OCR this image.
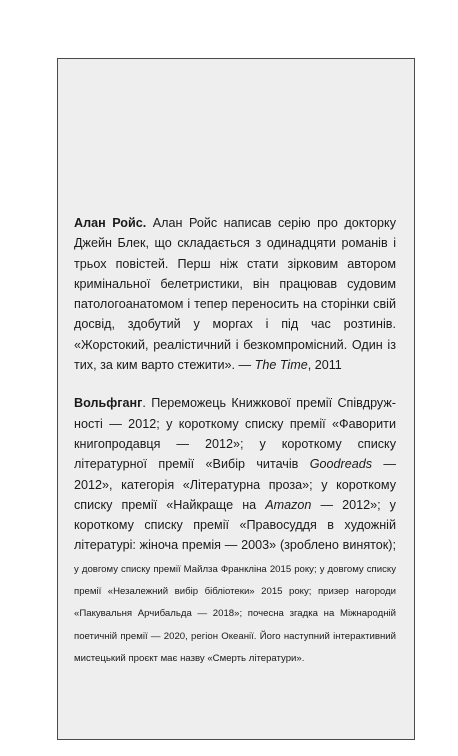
Алан Ройс. Алан Ройс написав серію про докторку Джейн Блек, що складається з одинадцяти романів і трьох повістей. Перш ніж стати зірковим автором кримінальної белетристики, він працював судовим патологоанатомом і тепер переносить на сторінки свій досвід, здобутий у моргах і під час розтинів. «Жорстокий, реалістичний і безкомпромісний. Один із тих, за ким варто стежити». — The Time, 2011

Вольфганг. Переможець Книжкової премії Співдружності — 2012; у короткому списку премії «Фаворити книгопродавця — 2012»; у короткому списку літературної премії «Вибір читачів Goodreads — 2012», категорія «Літературна проза»; у короткому списку премії «Найкраще на Amazon — 2012»; у короткому списку премії «Правосуддя в художній літературі: жіноча премія — 2003» (зроблено виняток); у довгому списку премії Майлза Франкліна 2015 року; у довгому списку премії «Незалежний вибір бібліотеки» 2015 року; призер нагороди «Пакувальня Арчибальда — 2018»; почесна згадка на Міжнародній поетичній премії — 2020, регіон Океанії. Його наступний інтерактивний мистецький проєкт має назву «Смерть літератури».
